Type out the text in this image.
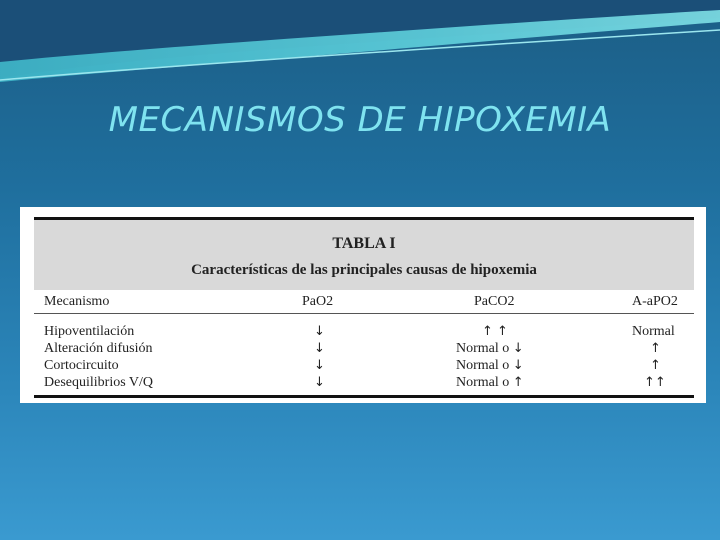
MECANISMOS DE HIPOXEMIA
TABLA I
Características de las principales causas de hipoxemia
Mecanismo	PaO2	PaCO2	A-aPO2
Hipoventilación	↓	↑ ↑	Normal
Alteración difusión	↓	Normal o ↓	↑
Cortocircuito	↓	Normal o ↓	↑
Desequilibrios V/Q	↓	Normal o ↑	↑↑
